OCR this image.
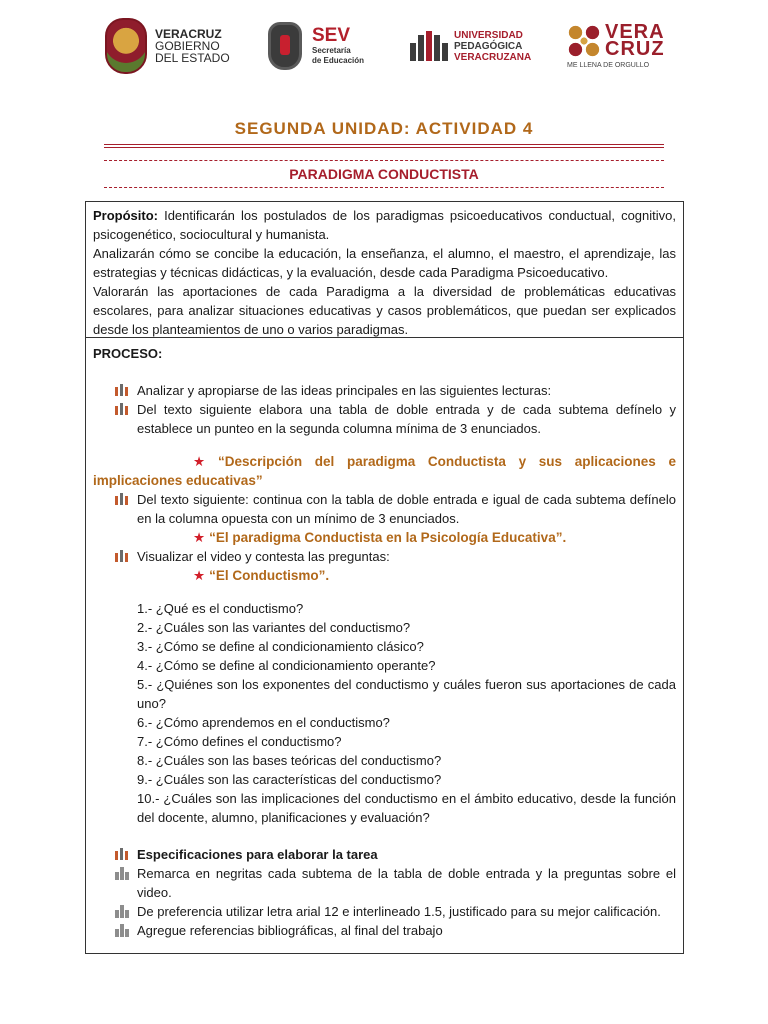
VERACRUZ
GOBIERNO
DEL ESTADO
SEV
Secretaría
de Educación
UNIVERSIDAD
PEDAGÓGICA
VERACRUZANA
VERA
CRUZ
ME LLENA DE ORGULLO
SEGUNDA UNIDAD: ACTIVIDAD 4
PARADIGMA CONDUCTISTA

Propósito: Identificarán los postulados de los paradigmas psicoeducativos conductual, cognitivo, psicogenético, sociocultural y humanista.

Analizarán cómo se concibe la educación, la enseñanza, el alumno, el maestro, el aprendizaje, las estrategias y técnicas didácticas, y la evaluación, desde cada Paradigma Psicoeducativo.

Valorarán las aportaciones de cada Paradigma a la diversidad de problemáticas educativas escolares, para analizar situaciones educativas y casos problemáticos, que puedan ser explicados desde los planteamientos de uno o varios paradigmas.

PROCESO:
Analizar y apropiarse de las ideas principales en las siguientes lecturas:
Del texto siguiente elabora una tabla de doble entrada y de cada subtema defínelo y establece un punteo en la segunda columna mínima de 3 enunciados.
★ “Descripción del paradigma Conductista y sus aplicaciones e implicaciones educativas”
Del texto siguiente: continua con la tabla de doble entrada e igual de cada subtema defínelo en la columna opuesta con un mínimo de 3 enunciados.
★ “El paradigma Conductista en la Psicología Educativa”.
Visualizar el video y contesta las preguntas:
★ “El Conductismo”.
1.- ¿Qué es el conductismo?
2.- ¿Cuáles son las variantes del conductismo?
3.- ¿Cómo se define al condicionamiento clásico?
4.- ¿Cómo se define al condicionamiento operante?
5.- ¿Quiénes son los exponentes del conductismo y cuáles fueron sus aportaciones de cada uno?
6.- ¿Cómo aprendemos en el conductismo?
7.- ¿Cómo defines el conductismo?
8.- ¿Cuáles son las bases teóricas del conductismo?
9.- ¿Cuáles son las características del conductismo?
10.- ¿Cuáles son las implicaciones del conductismo en el ámbito educativo, desde la función del docente, alumno, planificaciones y evaluación?
Especificaciones para elaborar la tarea
Remarca en negritas cada subtema de la tabla de doble entrada y la preguntas sobre el video.
De preferencia utilizar letra arial 12 e interlineado 1.5, justificado para su mejor calificación.
Agregue referencias bibliográficas, al final del trabajo
